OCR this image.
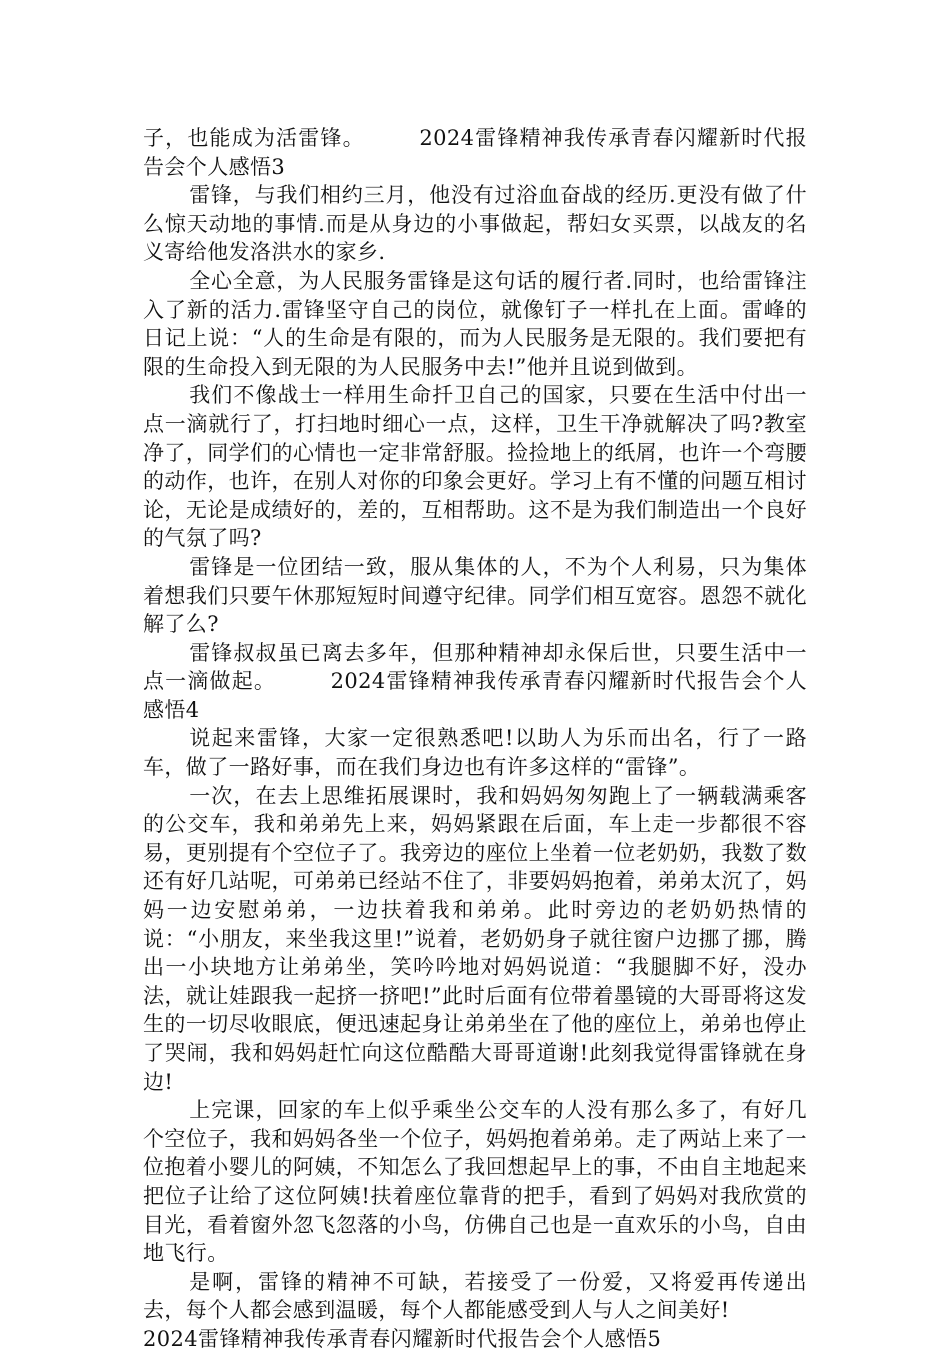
子，也能成为活雷锋。	2024雷锋精神我传承青春闪耀新时代报告会个人感悟3

雷锋，与我们相约三月，他没有过浴血奋战的经历.更没有做了什么惊天动地的事情.而是从身边的小事做起，帮妇女买票，以战友的名义寄给他发洛洪水的家乡.

全心全意，为人民服务雷锋是这句话的履行者.同时，也给雷锋注入了新的活力.雷锋坚守自己的岗位，就像钉子一样扎在上面。雷峰的日记上说：“人的生命是有限的，而为人民服务是无限的。我们要把有限的生命投入到无限的为人民服务中去!”他并且说到做到。

我们不像战士一样用生命扦卫自己的国家，只要在生活中付出一点一滴就行了，打扫地时细心一点，这样，卫生干净就解决了吗?教室净了，同学们的心情也一定非常舒服。捡捡地上的纸屑，也许一个弯腰的动作，也许，在别人对你的印象会更好。学习上有不懂的问题互相讨论，无论是成绩好的，差的，互相帮助。这不是为我们制造出一个良好的气氛了吗?

雷锋是一位团结一致，服从集体的人，不为个人利易，只为集体着想我们只要午休那短短时间遵守纪律。同学们相互宽容。恩怨不就化解了么?

雷锋叔叔虽已离去多年，但那种精神却永保后世，只要生活中一点一滴做起。	2024雷锋精神我传承青春闪耀新时代报告会个人感悟4

说起来雷锋，大家一定很熟悉吧!以助人为乐而出名，行了一路车，做了一路好事，而在我们身边也有许多这样的“雷锋”。

一次，在去上思维拓展课时，我和妈妈匆匆跑上了一辆载满乘客的公交车，我和弟弟先上来，妈妈紧跟在后面，车上走一步都很不容易，更别提有个空位子了。我旁边的座位上坐着一位老奶奶，我数了数还有好几站呢，可弟弟已经站不住了，非要妈妈抱着，弟弟太沉了，妈妈一边安慰弟弟，一边扶着我和弟弟。此时旁边的老奶奶热情的说：“小朋友，来坐我这里!”说着，老奶奶身子就往窗户边挪了挪，腾出一小块地方让弟弟坐，笑吟吟地对妈妈说道：“我腿脚不好，没办法，就让娃跟我一起挤一挤吧!”此时后面有位带着墨镜的大哥哥将这发生的一切尽收眼底，便迅速起身让弟弟坐在了他的座位上，弟弟也停止了哭闹，我和妈妈赶忙向这位酷酷大哥哥道谢!此刻我觉得雷锋就在身边!

上完课，回家的车上似乎乘坐公交车的人没有那么多了，有好几个空位子，我和妈妈各坐一个位子，妈妈抱着弟弟。走了两站上来了一位抱着小婴儿的阿姨，不知怎么了我回想起早上的事，不由自主地起来把位子让给了这位阿姨!扶着座位靠背的把手，看到了妈妈对我欣赏的目光，看着窗外忽飞忽落的小鸟，仿佛自己也是一直欢乐的小鸟，自由地飞行。

是啊，雷锋的精神不可缺，若接受了一份爱，又将爱再传递出去，每个人都会感到温暖，每个人都能感受到人与人之间美好!

2024雷锋精神我传承青春闪耀新时代报告会个人感悟5
